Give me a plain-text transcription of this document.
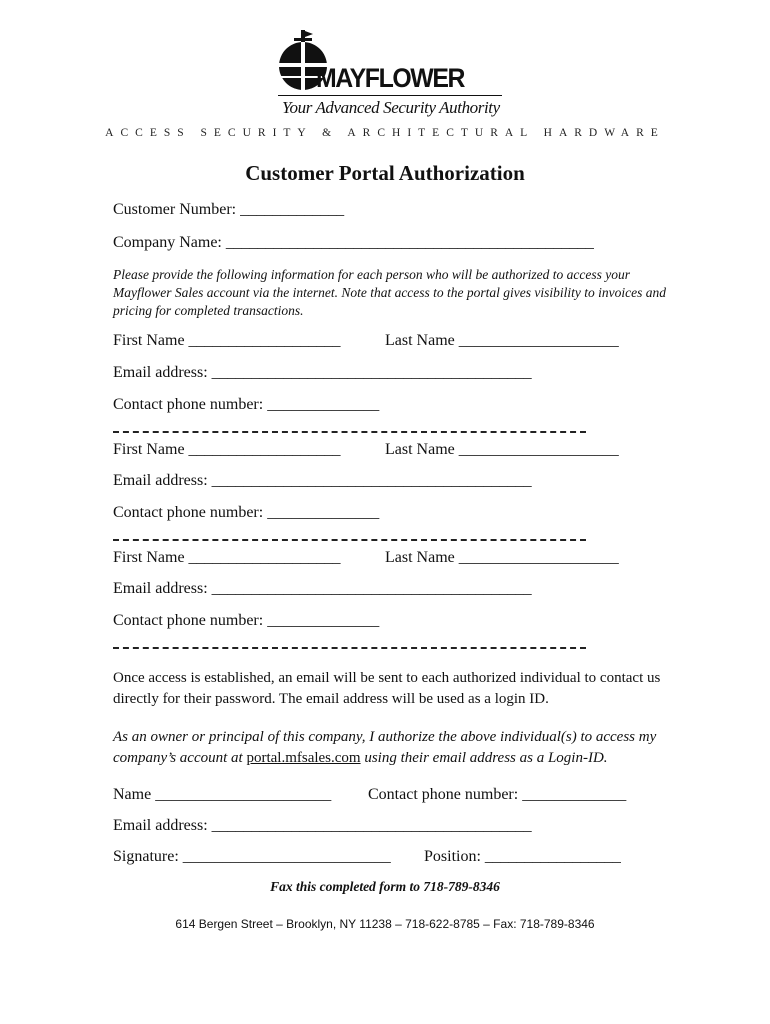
MAYFLOWER
Your Advanced Security Authority
ACCESS SECURITY & ARCHITECTURAL HARDWARE
Customer Portal Authorization
Customer Number: _____________
Company Name: ______________________________________________
Please provide the following information for each person who will be authorized to access your Mayflower Sales account via the internet. Note that access to the portal gives visibility to invoices and pricing for completed transactions.
First Name ___________________	Last Name ____________________
Email address: ________________________________________
Contact phone number: ______________
First Name ___________________	Last Name ____________________
Email address: ________________________________________
Contact phone number: ______________
First Name ___________________	Last Name ____________________
Email address: ________________________________________
Contact phone number: ______________
Once access is established, an email will be sent to each authorized individual to contact us directly for their password. The email address will be used as a login ID.
As an owner or principal of this company, I authorize the above individual(s) to access my company’s account at portal.mfsales.com using their email address as a Login-ID.
Name ______________________ Contact phone number: _____________
Email address: ________________________________________
Signature: __________________________ Position: _________________
Fax this completed form to 718-789-8346
614 Bergen Street – Brooklyn, NY 11238 – 718-622-8785 – Fax: 718-789-8346
